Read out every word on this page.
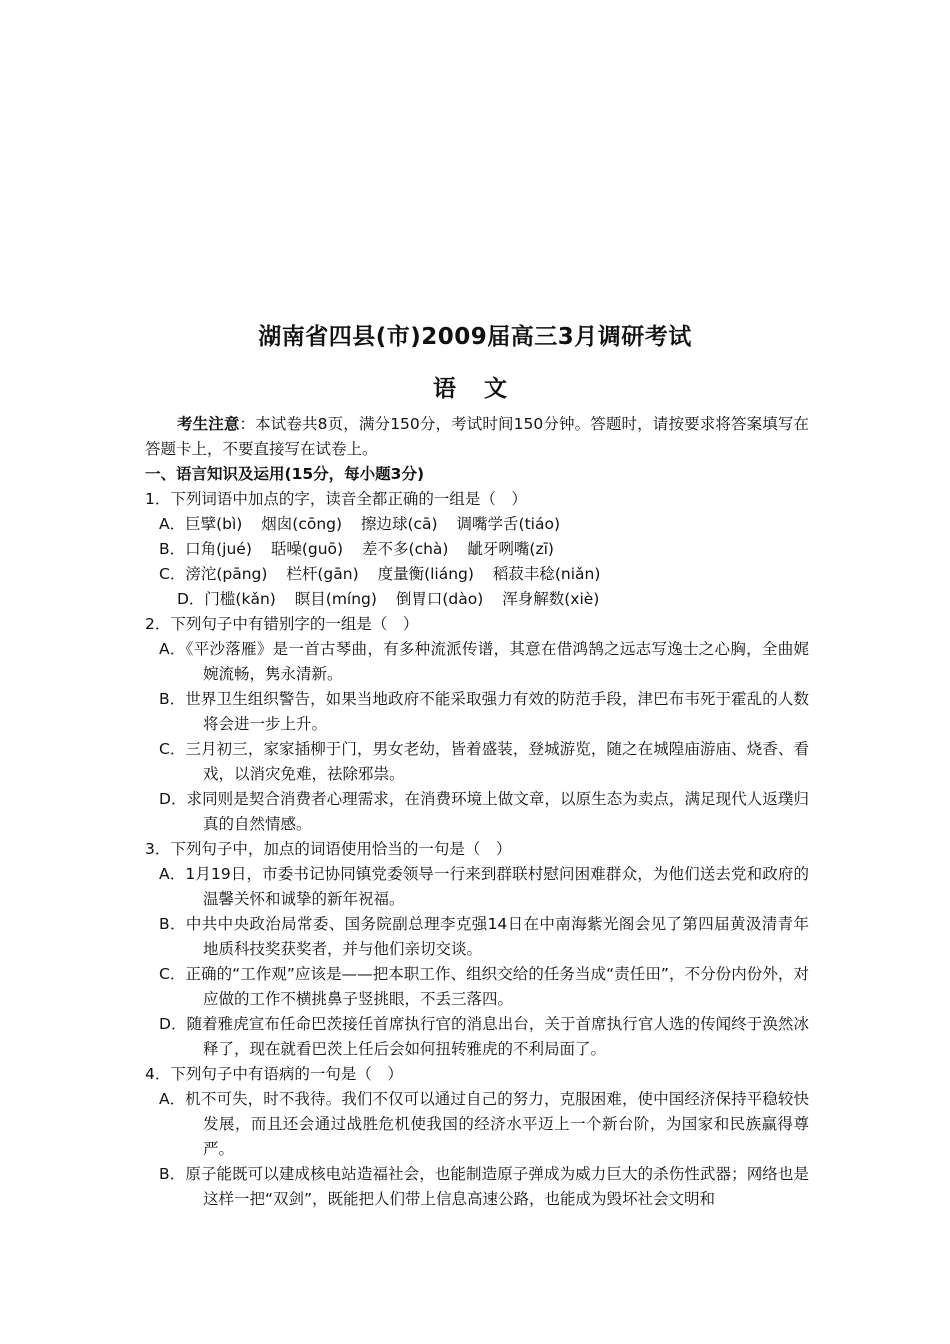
湖南省四县(市)2009届高三3月调研考试
语 文

考生注意：本试卷共8页，满分150分，考试时间150分钟。答题时，请按要求将答案填写在答题卡上，不要直接写在试卷上。

一、语言知识及运用(15分，每小题3分)

1．下列词语中加点的字，读音全都正确的一组是（　）

A．巨擘(bì) 烟囱(cōng) 擦边球(cā) 调嘴学舌(tiáo)

B．口角(jué) 聒噪(guō) 差不多(chà) 龇牙咧嘴(zī)

C．滂沱(pāng) 栏杆(gān) 度量衡(liáng) 稻菽丰稔(niǎn)

D．门槛(kǎn) 瞑目(míng) 倒胃口(dào) 浑身解数(xiè)

2．下列句子中有错别字的一组是（　）

A．《平沙落雁》是一首古琴曲，有多种流派传谱，其意在借鸿鹄之远志写逸士之心胸，全曲娓婉流畅，隽永清新。

B．世界卫生组织警告，如果当地政府不能采取强力有效的防范手段，津巴布韦死于霍乱的人数将会进一步上升。

C．三月初三，家家插柳于门，男女老幼，皆着盛装，登城游览，随之在城隍庙游庙、烧香、看戏，以消灾免难，祛除邪祟。

D．求同则是契合消费者心理需求，在消费环境上做文章，以原生态为卖点，满足现代人返璞归真的自然情感。

3．下列句子中，加点的词语使用恰当的一句是（　）

A．1月19日，市委书记协同镇党委领导一行来到群联村慰问困难群众，为他们送去党和政府的温馨关怀和诚挚的新年祝福。

B．中共中央政治局常委、国务院副总理李克强14日在中南海紫光阁会见了第四届黄汲清青年地质科技奖获奖者，并与他们亲切交谈。

C．正确的“工作观”应该是——把本职工作、组织交给的任务当成“责任田”，不分份内份外，对应做的工作不横挑鼻子竖挑眼，不丢三落四。

D．随着雅虎宣布任命巴茨接任首席执行官的消息出台，关于首席执行官人选的传闻终于涣然冰释了，现在就看巴茨上任后会如何扭转雅虎的不利局面了。

4．下列句子中有语病的一句是（　）

A．机不可失，时不我待。我们不仅可以通过自己的努力，克服困难，使中国经济保持平稳较快发展，而且还会通过战胜危机使我国的经济水平迈上一个新台阶，为国家和民族赢得尊严。

B．原子能既可以建成核电站造福社会，也能制造原子弹成为威力巨大的杀伤性武器；网络也是这样一把“双剑”，既能把人们带上信息高速公路，也能成为毁坏社会文明和
